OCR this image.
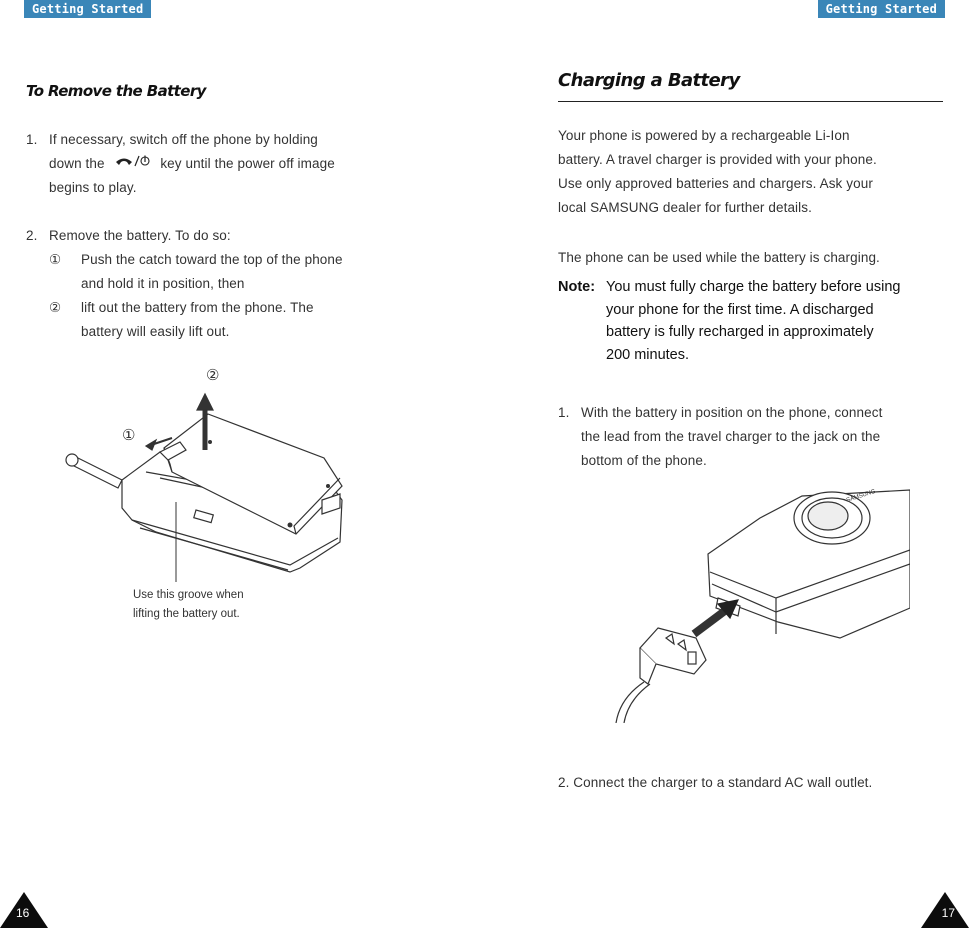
Getting Started	Getting Started
To Remove the Battery
1. If necessary, switch off the phone by holding
down the	key until the power off image
begins to play.
2. Remove the battery. To do so:
① Push the catch toward the top of the phone
and hold it in position, then
② lift out the battery from the phone. The
battery will easily lift out.
②
①
Use this groove when
lifting the battery out.
16
Charging a Battery
Your phone is powered by a rechargeable Li-Ion
battery. A travel charger is provided with your phone.
Use only approved batteries and chargers. Ask your
local SAMSUNG dealer for further details.
The phone can be used while the battery is charging.
Note: You must fully charge the battery before using
your phone for the first time. A discharged
battery is fully recharged in approximately
200 minutes.
1. With the battery in position on the phone, connect
the lead from the travel charger to the jack on the
bottom of the phone.
SAMSUNG
2. Connect the charger to a standard AC wall outlet.
17
